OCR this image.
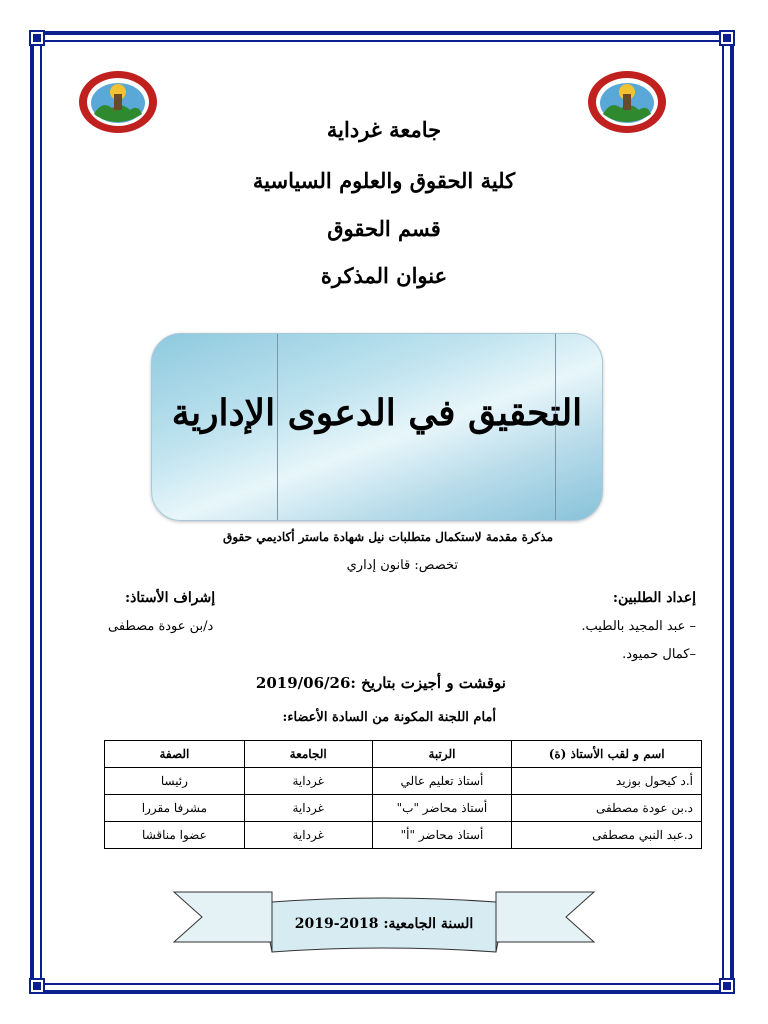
جامعة غرداية
كلية الحقوق والعلوم السياسية
قسم الحقوق
عنوان المذكرة
التحقيق في الدعوى الإدارية
مذكرة مقدمة لاستكمال متطلبات نيل شهادة ماستر أكاديمي حقوق
تخصص: قانون إداري
إعداد الطلبين:
– عبد المجيد بالطيب.
–كمال حميود.
إشراف الأستاذ:
د/بن عودة مصطفى
نوقشت و أجيزت بتاريخ :2019/06/26
أمام اللجنة المكونة من السادة الأعضاء:
اسم و لقب الأستاذ (ة)	الرتبة	الجامعة	الصفة
أ.د كيحول بوزيد	أستاذ تعليم عالي	غرداية	رئيسا
د.بن عودة مصطفى	أستاذ محاضر "ب"	غرداية	مشرفا مقررا
د.عبد النبي مصطفى	أستاذ محاضر "أ"	غرداية	عضوا مناقشا
السنة الجامعية: 2018-2019
